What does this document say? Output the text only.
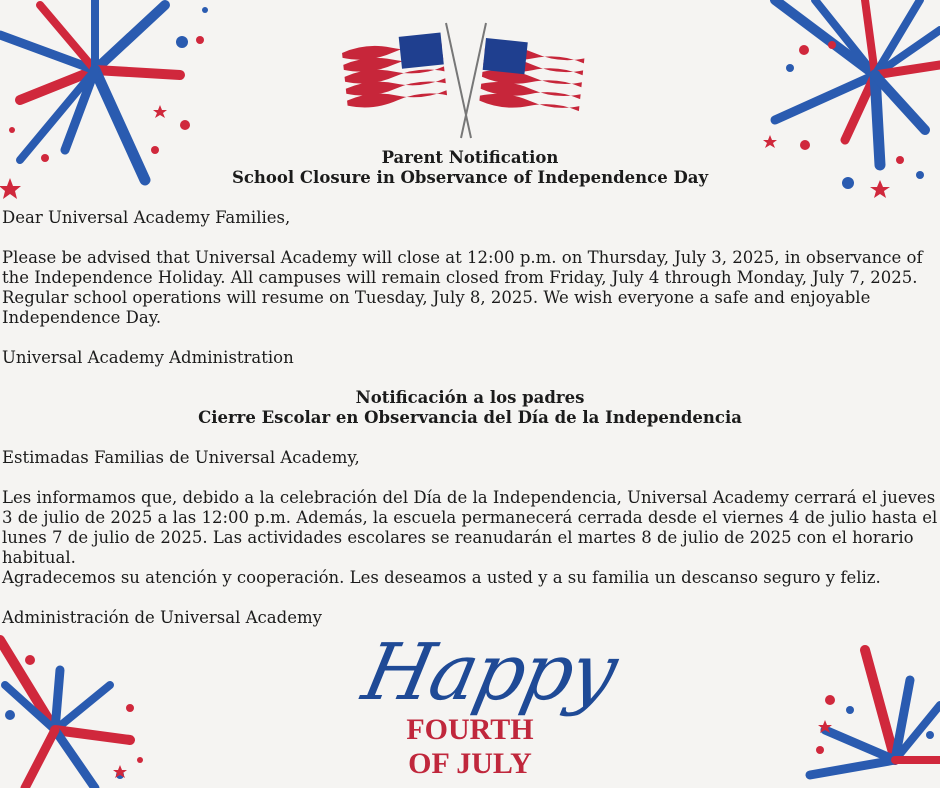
Parent Notification
School Closure in Observance of Independence Day

Dear Universal Academy Families,

Please be advised that Universal Academy will close at 12:00 p.m. on Thursday, July 3, 2025, in observance of the Independence Holiday. All campuses will remain closed from Friday, July 4 through Monday, July 7, 2025. Regular school operations will resume on Tuesday, July 8, 2025. We wish everyone a safe and enjoyable Independence Day.

Universal Academy Administration

Notificación a los padres
Cierre Escolar en Observancia del Día de la Independencia

Estimadas Familias de Universal Academy,

Les informamos que, debido a la celebración del Día de la Independencia, Universal Academy cerrará el jueves 3 de julio de 2025 a las 12:00 p.m. Además, la escuela permanecerá cerrada desde el viernes 4 de julio hasta el lunes 7 de julio de 2025. Las actividades escolares se reanudarán el martes 8 de julio de 2025 con el horario habitual.

Agradecemos su atención y cooperación. Les deseamos a usted y a su familia un descanso seguro y feliz.

Administración de Universal Academy

Happy
FOURTH
OF JULY
